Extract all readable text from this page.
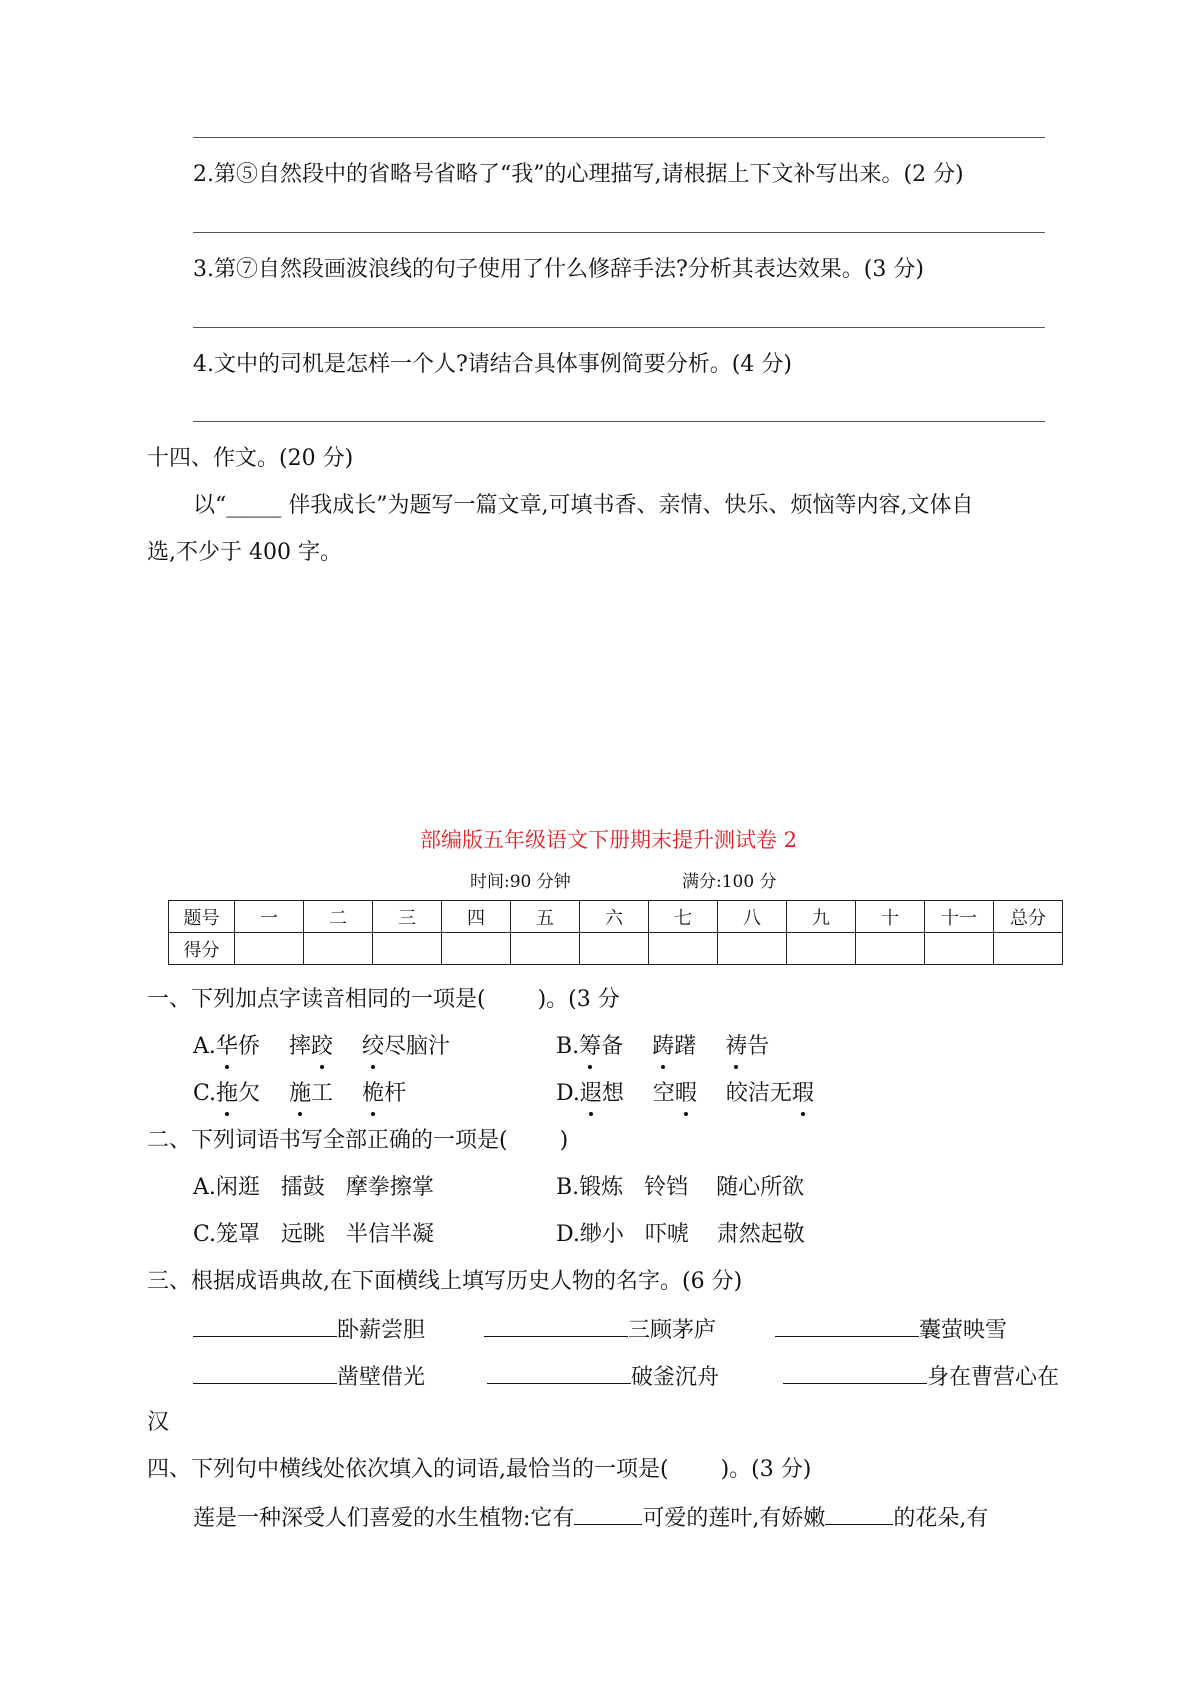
2.第⑤自然段中的省略号省略了“我”的心理描写,请根据上下文补写出来。(2 分)
3.第⑦自然段画波浪线的句子使用了什么修辞手法?分析其表达效果。(3 分)
4.文中的司机是怎样一个人?请结合具体事例简要分析。(4 分)
十四、作文。(20 分)
以“_____ 伴我成长”为题写一篇文章,可填书香、亲情、快乐、烦恼等内容,文体自
选,不少于 400 字。
部编版五年级语文下册期末提升测试卷 2
时间:90 分钟	满分:100 分
题号	一	二	三	四	五	六	七	八	九	十	十一	总分
得分												
一、下列加点字读音相同的一项是( )。(3 分
A.华侨 摔跤 绞尽脑汁	B.筹备 踌躇 祷告
C.拖欠 施工 桅杆	D.遐想 空暇 皎洁无瑕
二、下列词语书写全部正确的一项是( )
A.闲逛   擂鼓   摩拳擦掌	B.锻炼   铃铛    随心所欲
C.笼罩   远眺   半信半凝	D.缈小   吓唬    肃然起敬
三、根据成语典故,在下面横线上填写历史人物的名字。(6 分)
卧薪尝胆	三顾茅庐	囊萤映雪
凿壁借光	破釜沉舟	身在曹营心在
汉
四、下列句中横线处依次填入的词语,最恰当的一项是( )。(3 分)
莲是一种深受人们喜爱的水生植物:它有	可爱的莲叶,有娇嫩	的花朵,有
